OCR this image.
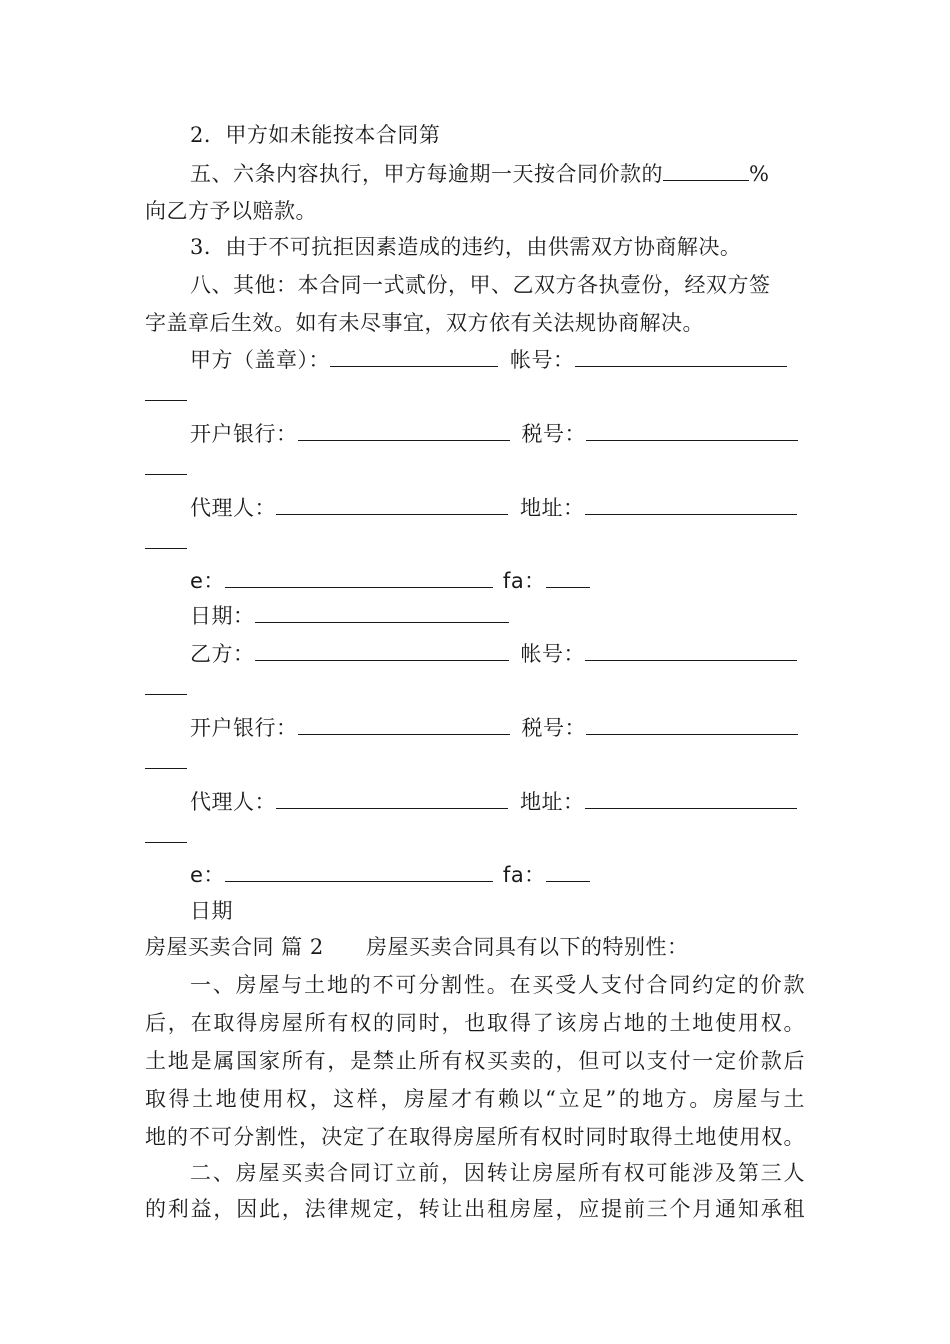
2．甲方如未能按本合同第
五、六条内容执行，甲方每逾期一天按合同价款的	%
向乙方予以赔款。
3．由于不可抗拒因素造成的违约，由供需双方协商解决。
八、其他：本合同一式贰份，甲、乙双方各执壹份，经双方签
字盖章后生效。如有未尽事宜，双方依有关法规协商解决。
甲方（盖章）：	帐号：
开户银行：	税号：
代理人：	地址：
e：	fa：
日期：
乙方：	帐号：
开户银行：	税号：
代理人：	地址：
e：	fa：
日期
房屋买卖合同 篇 2 房屋买卖合同具有以下的特别性：
一、房屋与土地的不可分割性。在买受人支付合同约定的价款
后，在取得房屋所有权的同时，也取得了该房占地的土地使用权。
土地是属国家所有，是禁止所有权买卖的，但可以支付一定价款后
取得土地使用权，这样，房屋才有赖以“立足”的地方。房屋与土
地的不可分割性，决定了在取得房屋所有权时同时取得土地使用权。
二、房屋买卖合同订立前，因转让房屋所有权可能涉及第三人
的利益，因此，法律规定，转让出租房屋，应提前三个月通知承租
